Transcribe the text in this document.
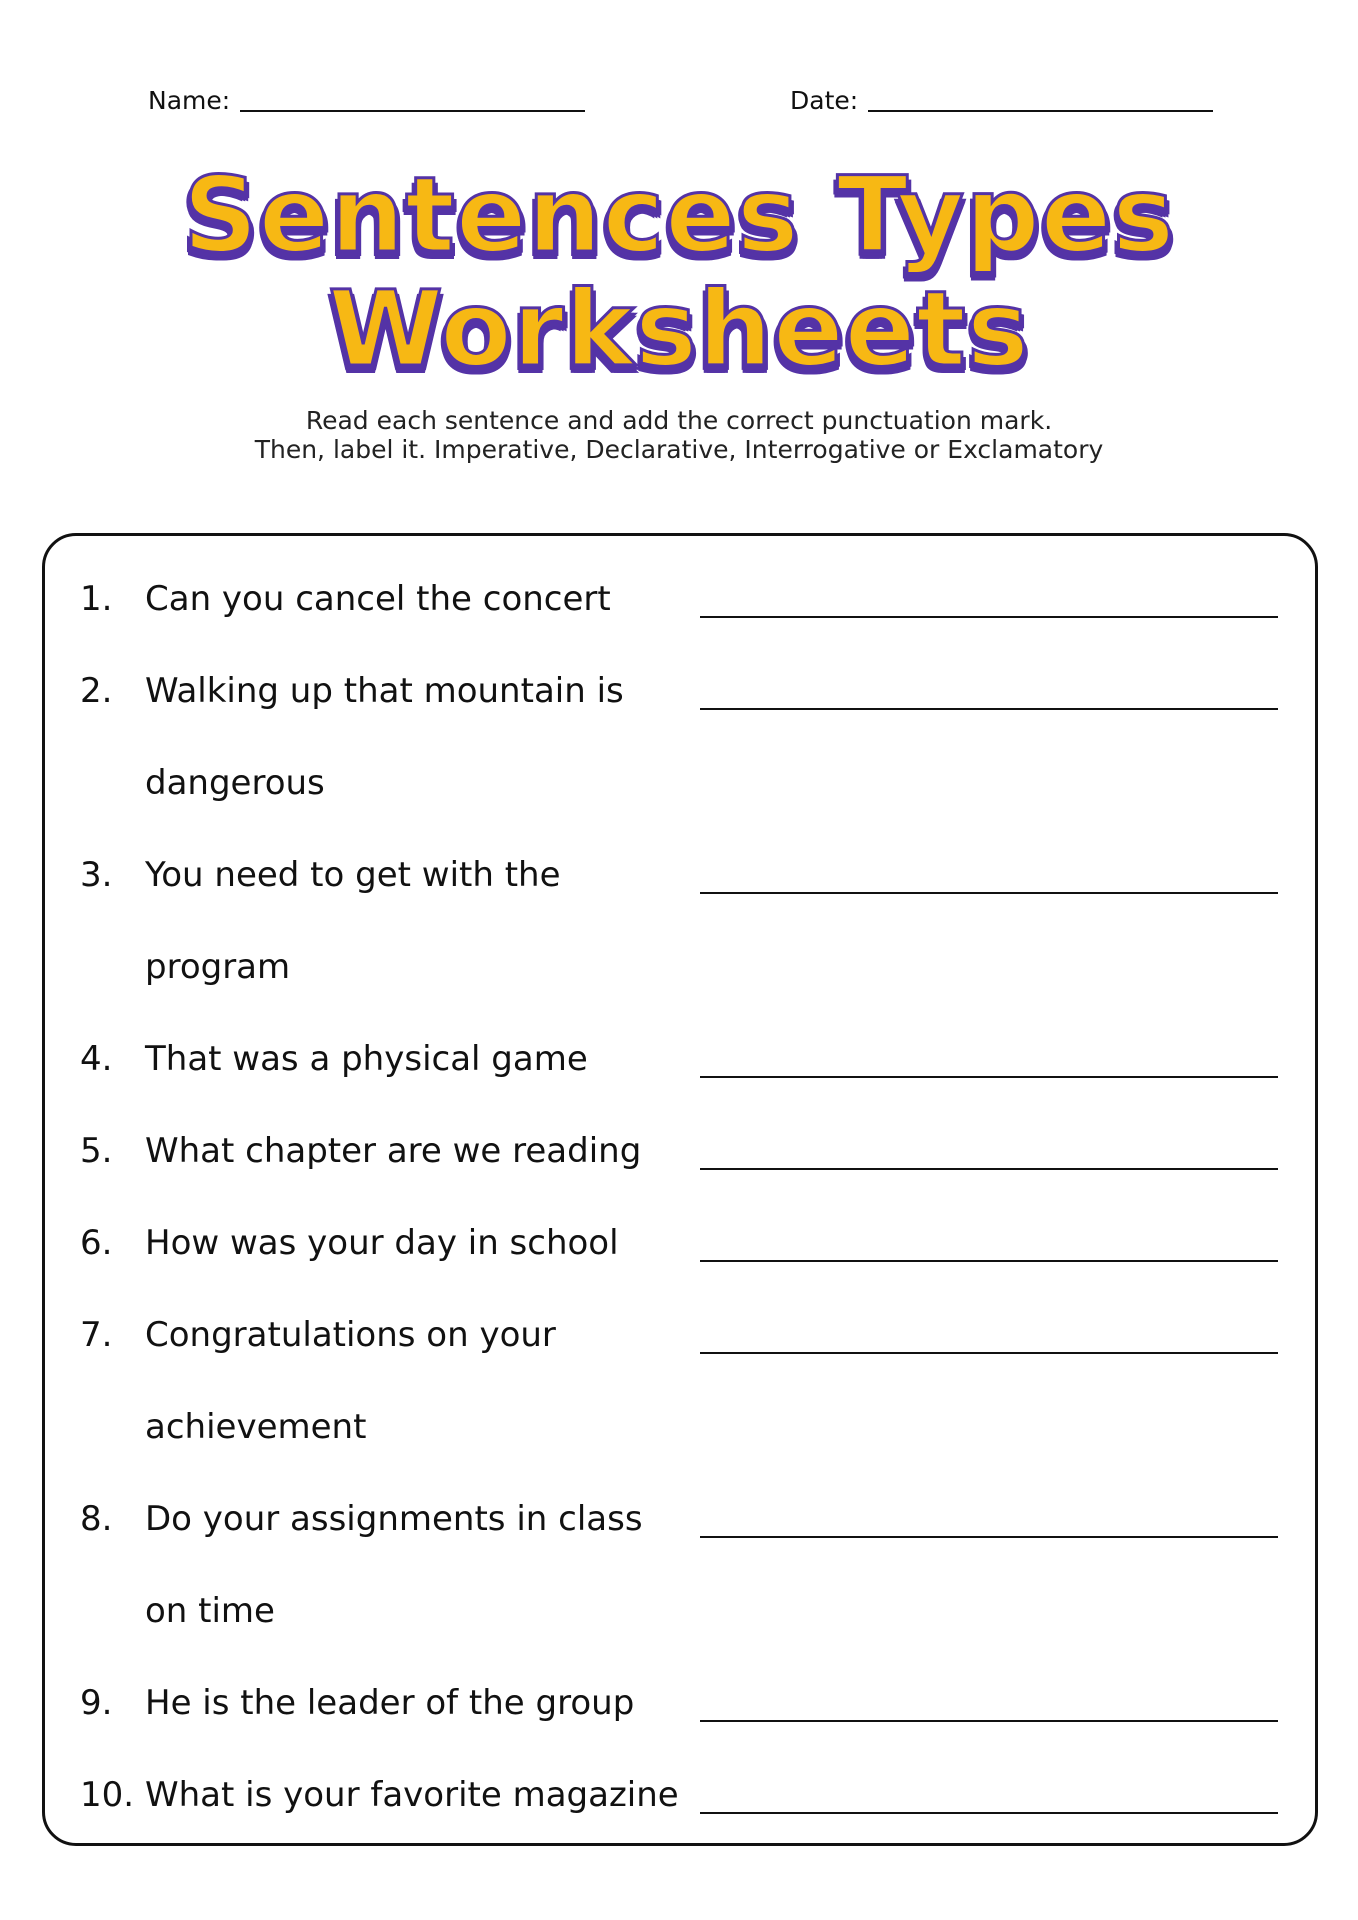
Name:	Date:
Sentences Types
Worksheets
Read each sentence and add the correct punctuation mark.
Then, label it. Imperative, Declarative, Interrogative or Exclamatory
1. Can you cancel the concert
2. Walking up that mountain is
dangerous
3. You need to get with the
program
4. That was a physical game
5. What chapter are we reading
6. How was your day in school
7. Congratulations on your
achievement
8. Do your assignments in class
on time
9. He is the leader of the group
10. What is your favorite magazine
